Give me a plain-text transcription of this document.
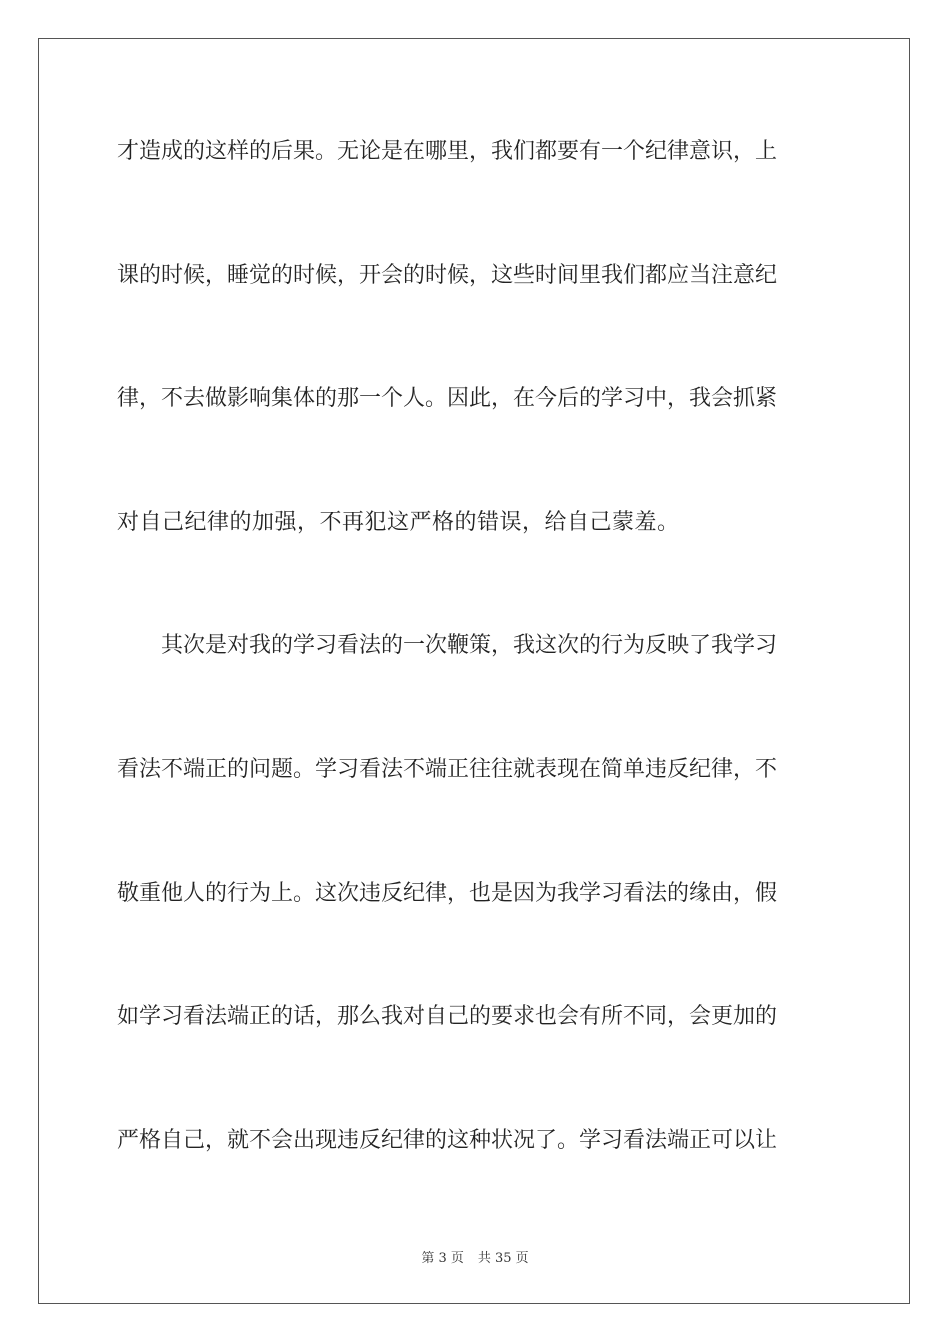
才造成的这样的后果。无论是在哪里，我们都要有一个纪律意识，上
课的时候，睡觉的时候，开会的时候，这些时间里我们都应当注意纪
律，不去做影响集体的那一个人。因此，在今后的学习中，我会抓紧
对自己纪律的加强，不再犯这严格的错误，给自己蒙羞。
　　其次是对我的学习看法的一次鞭策，我这次的行为反映了我学习
看法不端正的问题。学习看法不端正往往就表现在简单违反纪律，不
敬重他人的行为上。这次违反纪律，也是因为我学习看法的缘由，假
如学习看法端正的话，那么我对自己的要求也会有所不同，会更加的
严格自己，就不会出现违反纪律的这种状况了。学习看法端正可以让
第 3 页 共 35 页
